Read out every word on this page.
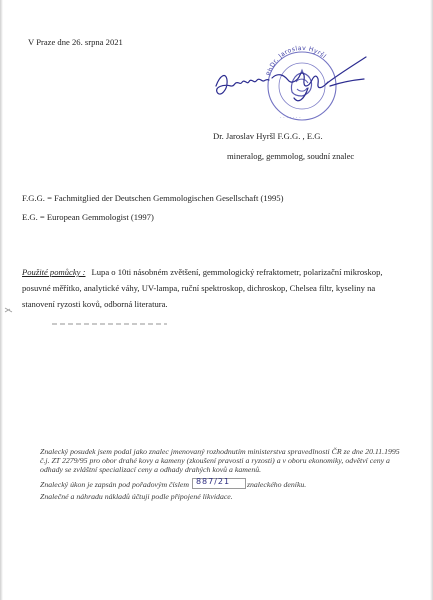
V Praze dne 26. srpna 2021
PhDr. Jaroslav Hyršl
· · · · · · ·
Dr. Jaroslav Hyršl F.G.G. , E.G.
mineralog, gemmolog, soudní znalec
F.G.G. = Fachmitglied der Deutschen Gemmologischen Gesellschaft (1995)
E.G. = European Gemmologist (1997)
Použité pomůcky : Lupa o 10ti násobném zvětšení, gemmologický refraktometr, polarizační mikroskop, posuvné měřítko, analytické váhy, UV-lampa, ruční spektroskop, dichroskop, Chelsea filtr, kyseliny na stanovení ryzosti kovů, odborná literatura.

Znalecký posudek jsem podal jako znalec jmenovaný rozhodnutím ministerstva spravedlnosti ČR ze dne 20.11.1995 č.j. ZT 2279/95 pro obor drahé kovy a kameny (zkoušení pravosti a ryzosti) a v oboru ekonomiky, odvětví ceny a odhady se zvláštní specializací ceny a odhady drahých kovů a kamenů.

Znalecký úkon je zapsán pod pořadovým číslem 887/21 znaleckého deníku.

Znalečné a náhradu nákladů účtuji podle připojené likvidace.
